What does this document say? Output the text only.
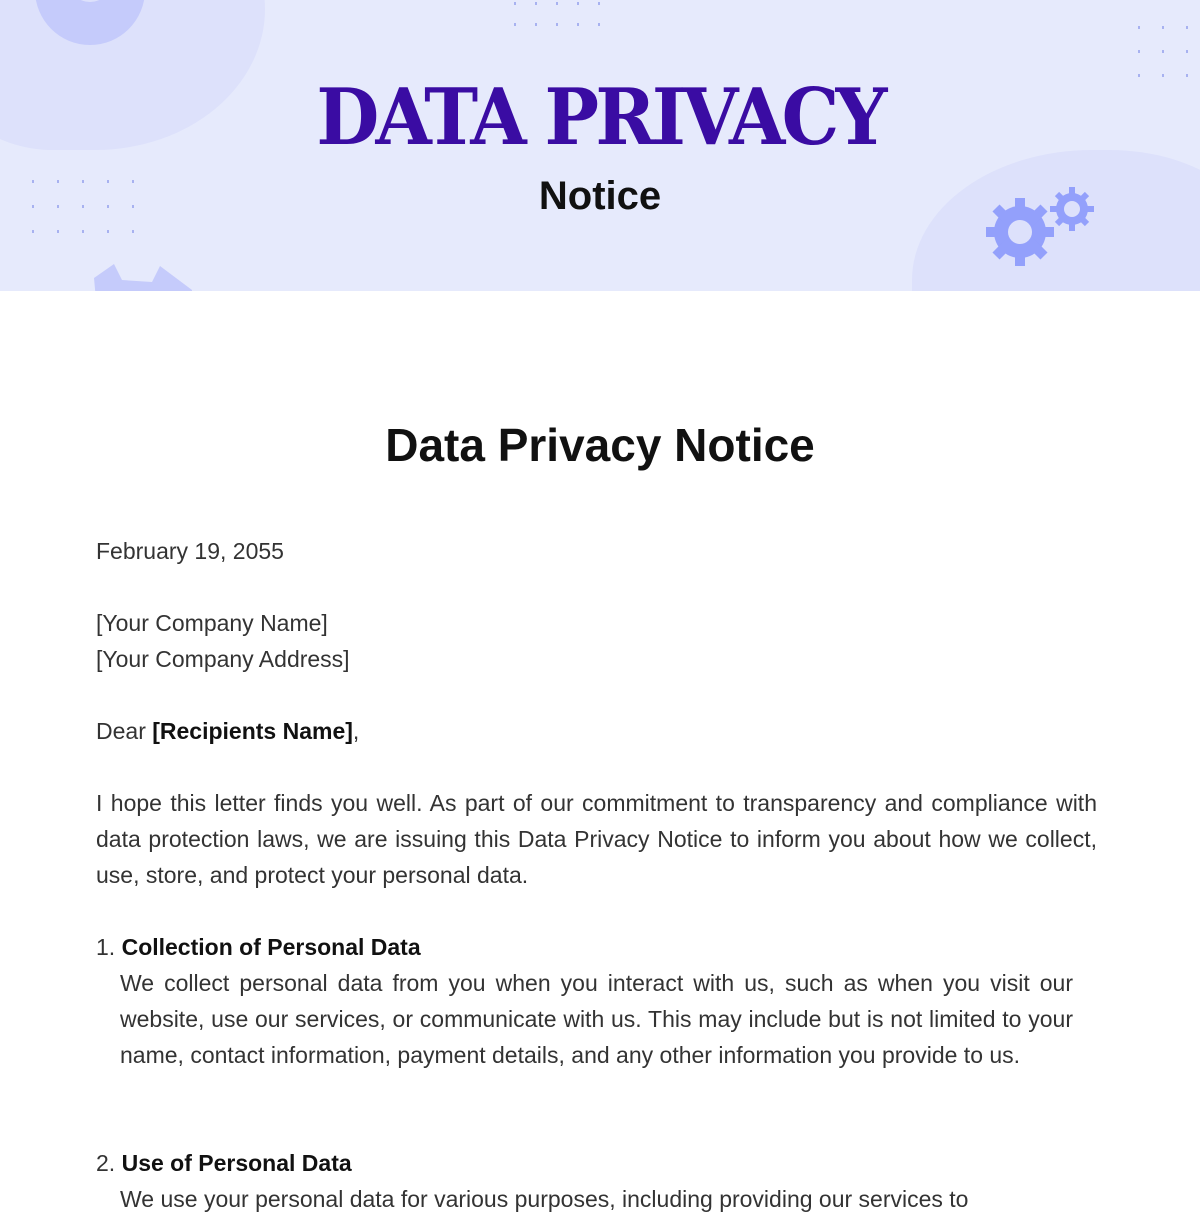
DATA PRIVACY
Notice
Data Privacy Notice
February 19, 2055
[Your Company Name]
[Your Company Address]
Dear [Recipients Name],
I hope this letter finds you well. As part of our commitment to transparency and compliance with data protection laws, we are issuing this Data Privacy Notice to inform you about how we collect, use, store, and protect your personal data.
1. Collection of Personal Data
We collect personal data from you when you interact with us, such as when you visit our website, use our services, or communicate with us. This may include but is not limited to your name, contact information, payment details, and any other information you provide to us.
2. Use of Personal Data
We use your personal data for various purposes, including providing our services to
